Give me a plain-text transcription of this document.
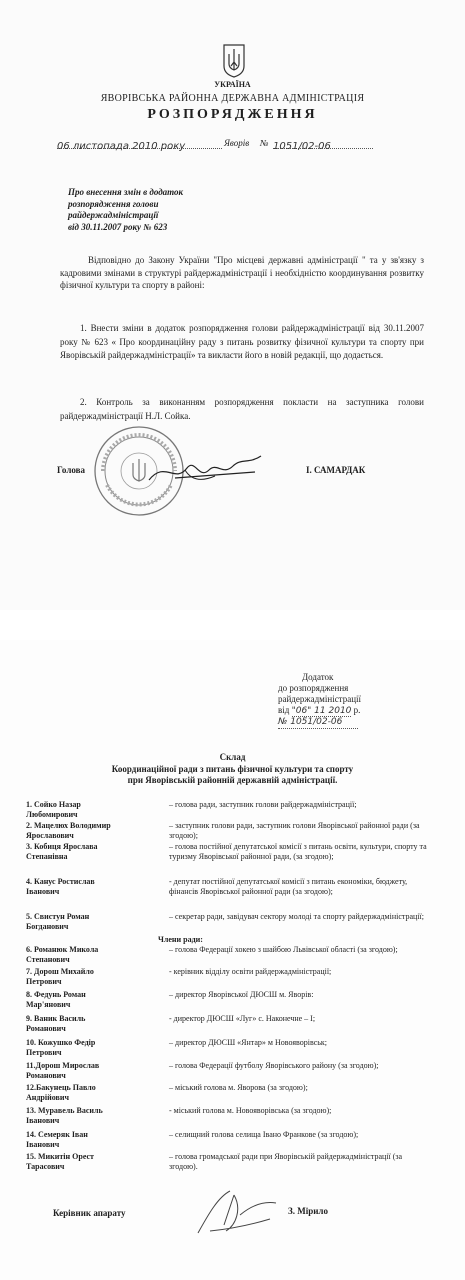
УКРАЇНА
ЯВОРІВСЬКА РАЙОННА ДЕРЖАВНА АДМІНІСТРАЦІЯ
РОЗПОРЯДЖЕННЯ
06 листопада 2010 року	Яворів № 1051/02-06
Про внесення змін в додаток
розпорядження голови
райдержадміністрації
від 30.11.2007 року № 623
Відповідно до Закону України "Про місцеві державні адміністрації " та у зв'язку з кадровими змінами в структурі райдержадміністрації і необхідністю координування розвитку фізичної культури та спорту в районі:
1. Внести зміни в додаток розпорядження голови райдержадміністрації від 30.11.2007 року № 623 « Про координаційну раду з питань розвитку фізичної культури та спорту при Яворівській райдержадміністрації» та викласти його в новій редакції, що додається.
2. Контроль за виконанням розпорядження покласти на заступника голови райдержадміністрації Н.Л. Сойка.
Голова	І. САМАРДАК
Додаток
до розпорядження
райдержадміністрації
від "06" 11 2010 р.
№ 1051/02-06
Склад
Координаційної ради з питань фізичної культури та спорту
при Яворівській районній державній адміністрації.
1. Сойко Назар
Любомирович
– голова ради, заступник голови райдержадміністрації;
2. Мацелюх Володимир
Ярославович
– заступник голови ради, заступник голови Яворівської районної ради (за згодою);
3. Кобиця Ярослава
Степанівна
– голова постійної депутатської комісії з питань освіти, культури, спорту та туризму Яворівської районної ради, (за згодою);
4. Канус Ростислав
Іванович
- депутат постійної депутатської комісії з питань економіки, бюджету, фінансів Яворівської районної ради (за згодою);
5. Свистун Роман
Богданович
– секретар ради, завідувач сектору молоді та спорту райдержадміністрації;
Члени ради:
6. Романюк Микола
Степанович
– голова Федерації хокею з шайбою Львівської області (за згодою);
7. Дорош Михайло
Петрович
- керівник відділу освіти райдержадміністрації;
8. Федунь Роман
Мар'янович
– директор Яворівської ДЮСШ м. Яворів:
9. Ваник Василь
Романович
- директор ДЮСШ «Луг» с. Наконечне – І;
10. Кожушко Федір
Петрович
– директор ДЮСШ «Янтар» м Новояворівськ;
11.Дорош Мирослав
Романович
– голова Федерації футболу Яворівського району (за згодою);
12.Бакунець Павло
Андрійович
– міський голова м. Яворова (за згодою);
13. Муравель Василь
Іванович
- міський голова м. Новояворівська (за згодою);
14. Семеряк Іван
Іванович
– селищний голова селища Івано Франкове (за згодою);
15. Микитін Орест
Тарасович
– голова громадської ради при Яворівській райдержадміністрації (за згодою).
Керівник апарату	З. Мірило
